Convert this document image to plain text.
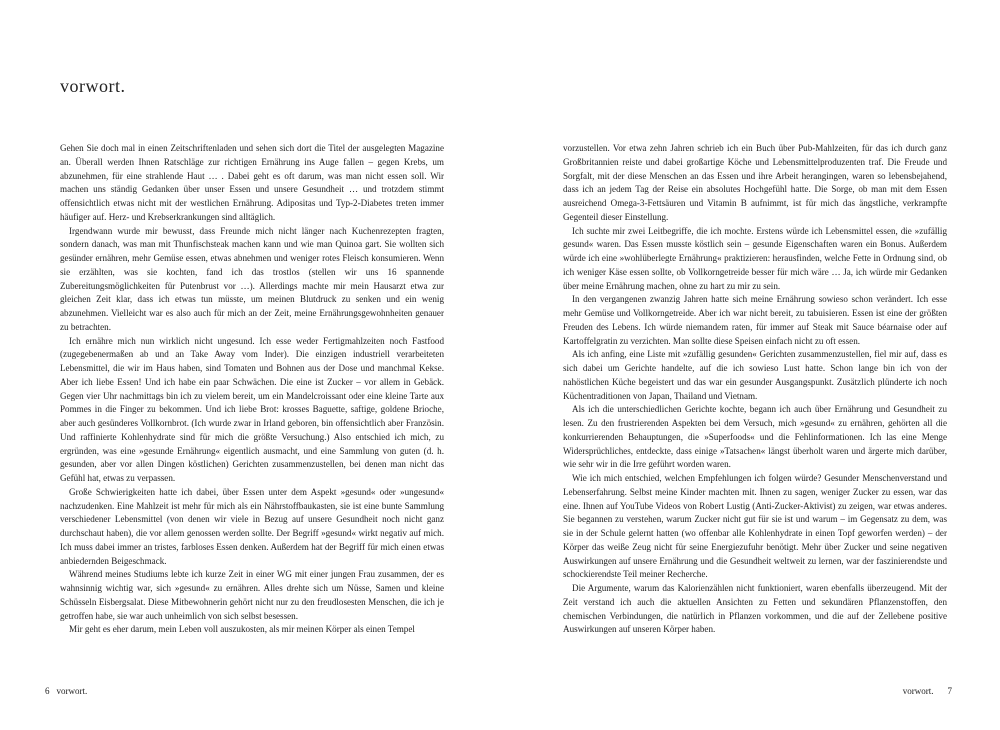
vorwort.

Gehen Sie doch mal in einen Zeitschriftenladen und sehen sich dort die Titel der ausgelegten Magazine an. Überall werden Ihnen Ratschläge zur richtigen Ernährung ins Auge fallen – gegen Krebs, um abzunehmen, für eine strahlende Haut … . Dabei geht es oft darum, was man nicht essen soll. Wir machen uns ständig Gedanken über unser Essen und unsere Gesundheit … und trotzdem stimmt offensichtlich etwas nicht mit der westlichen Ernährung. Adipositas und Typ-2-Diabetes treten immer häufiger auf. Herz- und Krebserkrankungen sind alltäglich.

Irgendwann wurde mir bewusst, dass Freunde mich nicht länger nach Kuchenrezepten fragten, sondern danach, was man mit Thunfischsteak machen kann und wie man Quinoa gart. Sie wollten sich gesünder ernähren, mehr Gemüse essen, etwas abnehmen und weniger rotes Fleisch konsumieren. Wenn sie erzählten, was sie kochten, fand ich das trostlos (stellen wir uns 16 spannende Zubereitungsmöglichkeiten für Putenbrust vor …). Allerdings machte mir mein Hausarzt etwa zur gleichen Zeit klar, dass ich etwas tun müsste, um meinen Blutdruck zu senken und ein wenig abzunehmen. Vielleicht war es also auch für mich an der Zeit, meine Ernährungsgewohnheiten genauer zu betrachten.

Ich ernähre mich nun wirklich nicht ungesund. Ich esse weder Fertigmahlzeiten noch Fastfood (zugegebenermaßen ab und an Take Away vom Inder). Die einzigen industriell verarbeiteten Lebensmittel, die wir im Haus haben, sind Tomaten und Bohnen aus der Dose und manchmal Kekse. Aber ich liebe Essen! Und ich habe ein paar Schwächen. Die eine ist Zucker – vor allem in Gebäck. Gegen vier Uhr nachmittags bin ich zu vielem bereit, um ein Mandelcroissant oder eine kleine Tarte aux Pommes in die Finger zu bekommen. Und ich liebe Brot: krosses Baguette, saftige, goldene Brioche, aber auch gesünderes Vollkornbrot. (Ich wurde zwar in Irland geboren, bin offensichtlich aber Französin. Und raffinierte Kohlenhydrate sind für mich die größte Versuchung.) Also entschied ich mich, zu ergründen, was eine »gesunde Ernährung« eigentlich ausmacht, und eine Sammlung von guten (d. h. gesunden, aber vor allen Dingen köstlichen) Gerichten zusammenzustellen, bei denen man nicht das Gefühl hat, etwas zu verpassen.

Große Schwierigkeiten hatte ich dabei, über Essen unter dem Aspekt »gesund« oder »ungesund« nachzudenken. Eine Mahlzeit ist mehr für mich als ein Nährstoffbaukasten, sie ist eine bunte Sammlung verschiedener Lebensmittel (von denen wir viele in Bezug auf unsere Gesundheit noch nicht ganz durchschaut haben), die vor allem genossen werden sollte. Der Begriff »gesund« wirkt negativ auf mich. Ich muss dabei immer an tristes, farbloses Essen denken. Außerdem hat der Begriff für mich einen etwas anbiedernden Beigeschmack.

Während meines Studiums lebte ich kurze Zeit in einer WG mit einer jungen Frau zusammen, der es wahnsinnig wichtig war, sich »gesund« zu ernähren. Alles drehte sich um Nüsse, Samen und kleine Schüsseln Eisbergsalat. Diese Mitbewohnerin gehört nicht nur zu den freudlosesten Menschen, die ich je getroffen habe, sie war auch unheimlich von sich selbst besessen.

Mir geht es eher darum, mein Leben voll auszukosten, als mir meinen Körper als einen Tempel

6 vorwort.

vorzustellen. Vor etwa zehn Jahren schrieb ich ein Buch über Pub-Mahlzeiten, für das ich durch ganz Großbritannien reiste und dabei großartige Köche und Lebensmittelproduzenten traf. Die Freude und Sorgfalt, mit der diese Menschen an das Essen und ihre Arbeit herangingen, waren so lebensbejahend, dass ich an jedem Tag der Reise ein absolutes Hochgefühl hatte. Die Sorge, ob man mit dem Essen ausreichend Omega-3-Fettsäuren und Vitamin B aufnimmt, ist für mich das ängstliche, verkrampfte Gegenteil dieser Einstellung.

Ich suchte mir zwei Leitbegriffe, die ich mochte. Erstens würde ich Lebensmittel essen, die »zufällig gesund« waren. Das Essen musste köstlich sein – gesunde Eigenschaften waren ein Bonus. Außerdem würde ich eine »wohlüberlegte Ernährung« praktizieren: herausfinden, welche Fette in Ordnung sind, ob ich weniger Käse essen sollte, ob Vollkorngetreide besser für mich wäre … Ja, ich würde mir Gedanken über meine Ernährung machen, ohne zu hart zu mir zu sein.

In den vergangenen zwanzig Jahren hatte sich meine Ernährung sowieso schon verändert. Ich esse mehr Gemüse und Vollkorngetreide. Aber ich war nicht bereit, zu tabuisieren. Essen ist eine der größten Freuden des Lebens. Ich würde niemandem raten, für immer auf Steak mit Sauce béarnaise oder auf Kartoffelgratin zu verzichten. Man sollte diese Speisen einfach nicht zu oft essen.

Als ich anfing, eine Liste mit »zufällig gesunden« Gerichten zusammenzustellen, fiel mir auf, dass es sich dabei um Gerichte handelte, auf die ich sowieso Lust hatte. Schon lange bin ich von der nahöstlichen Küche begeistert und das war ein gesunder Ausgangspunkt. Zusätzlich plünderte ich noch Küchentraditionen von Japan, Thailand und Vietnam.

Als ich die unterschiedlichen Gerichte kochte, begann ich auch über Ernährung und Gesundheit zu lesen. Zu den frustrierenden Aspekten bei dem Versuch, mich »gesund« zu ernähren, gehörten all die konkurrierenden Behauptungen, die »Superfoods« und die Fehlinformationen. Ich las eine Menge Widersprüchliches, entdeckte, dass einige »Tatsachen« längst überholt waren und ärgerte mich darüber, wie sehr wir in die Irre geführt worden waren.

Wie ich mich entschied, welchen Empfehlungen ich folgen würde? Gesunder Menschenverstand und Lebenserfahrung. Selbst meine Kinder machten mit. Ihnen zu sagen, weniger Zucker zu essen, war das eine. Ihnen auf YouTube Videos von Robert Lustig (Anti-Zucker-Aktivist) zu zeigen, war etwas anderes. Sie begannen zu verstehen, warum Zucker nicht gut für sie ist und warum – im Gegensatz zu dem, was sie in der Schule gelernt hatten (wo offenbar alle Kohlenhydrate in einen Topf geworfen werden) – der Körper das weiße Zeug nicht für seine Energiezufuhr benötigt. Mehr über Zucker und seine negativen Auswirkungen auf unsere Ernährung und die Gesundheit weltweit zu lernen, war der faszinierendste und schockierendste Teil meiner Recherche.

Die Argumente, warum das Kalorienzählen nicht funktioniert, waren ebenfalls überzeugend. Mit der Zeit verstand ich auch die aktuellen Ansichten zu Fetten und sekundären Pflanzenstoffen, den chemischen Verbindungen, die natürlich in Pflanzen vorkommen, und die auf der Zellebene positive Auswirkungen auf unseren Körper haben.

vorwort. 7
